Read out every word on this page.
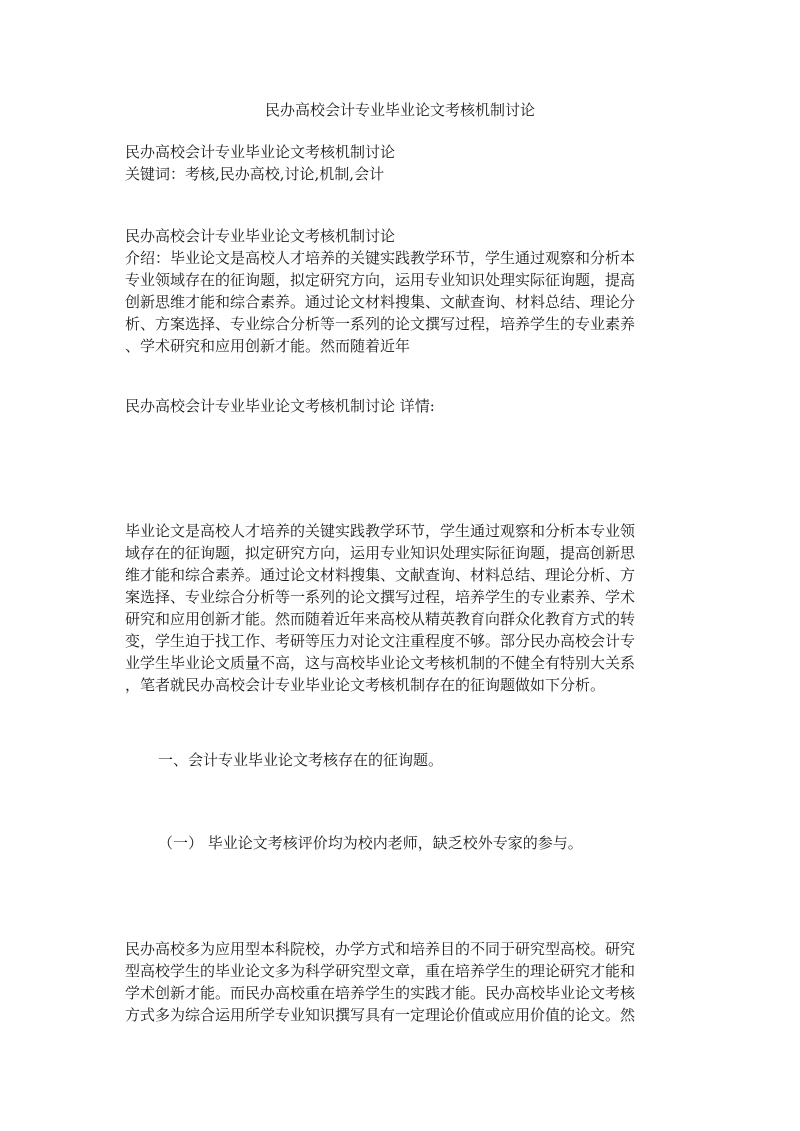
民办高校会计专业毕业论文考核机制讨论

民办高校会计专业毕业论文考核机制讨论

关键词：考核,民办高校,讨论,机制,会计

民办高校会计专业毕业论文考核机制讨论

介绍：毕业论文是高校人才培养的关键实践教学环节，学生通过观察和分析本

专业领域存在的征询题，拟定研究方向，运用专业知识处理实际征询题，提高

创新思维才能和综合素养。通过论文材料搜集、文献查询、材料总结、理论分

析、方案选择、专业综合分析等一系列的论文撰写过程，培养学生的专业素养

、学术研究和应用创新才能。然而随着近年

民办高校会计专业毕业论文考核机制讨论 详情:

毕业论文是高校人才培养的关键实践教学环节，学生通过观察和分析本专业领

域存在的征询题，拟定研究方向，运用专业知识处理实际征询题，提高创新思

维才能和综合素养。通过论文材料搜集、文献查询、材料总结、理论分析、方

案选择、专业综合分析等一系列的论文撰写过程，培养学生的专业素养、学术

研究和应用创新才能。然而随着近年来高校从精英教育向群众化教育方式的转

变，学生迫于找工作、考研等压力对论文注重程度不够。部分民办高校会计专

业学生毕业论文质量不高，这与高校毕业论文考核机制的不健全有特别大关系

，笔者就民办高校会计专业毕业论文考核机制存在的征询题做如下分析。

一、会计专业毕业论文考核存在的征询题。

（一） 毕业论文考核评价均为校内老师，缺乏校外专家的参与。

民办高校多为应用型本科院校，办学方式和培养目的不同于研究型高校。研究

型高校学生的毕业论文多为科学研究型文章，重在培养学生的理论研究才能和

学术创新才能。而民办高校重在培养学生的实践才能。民办高校毕业论文考核

方式多为综合运用所学专业知识撰写具有一定理论价值或应用价值的论文。然
